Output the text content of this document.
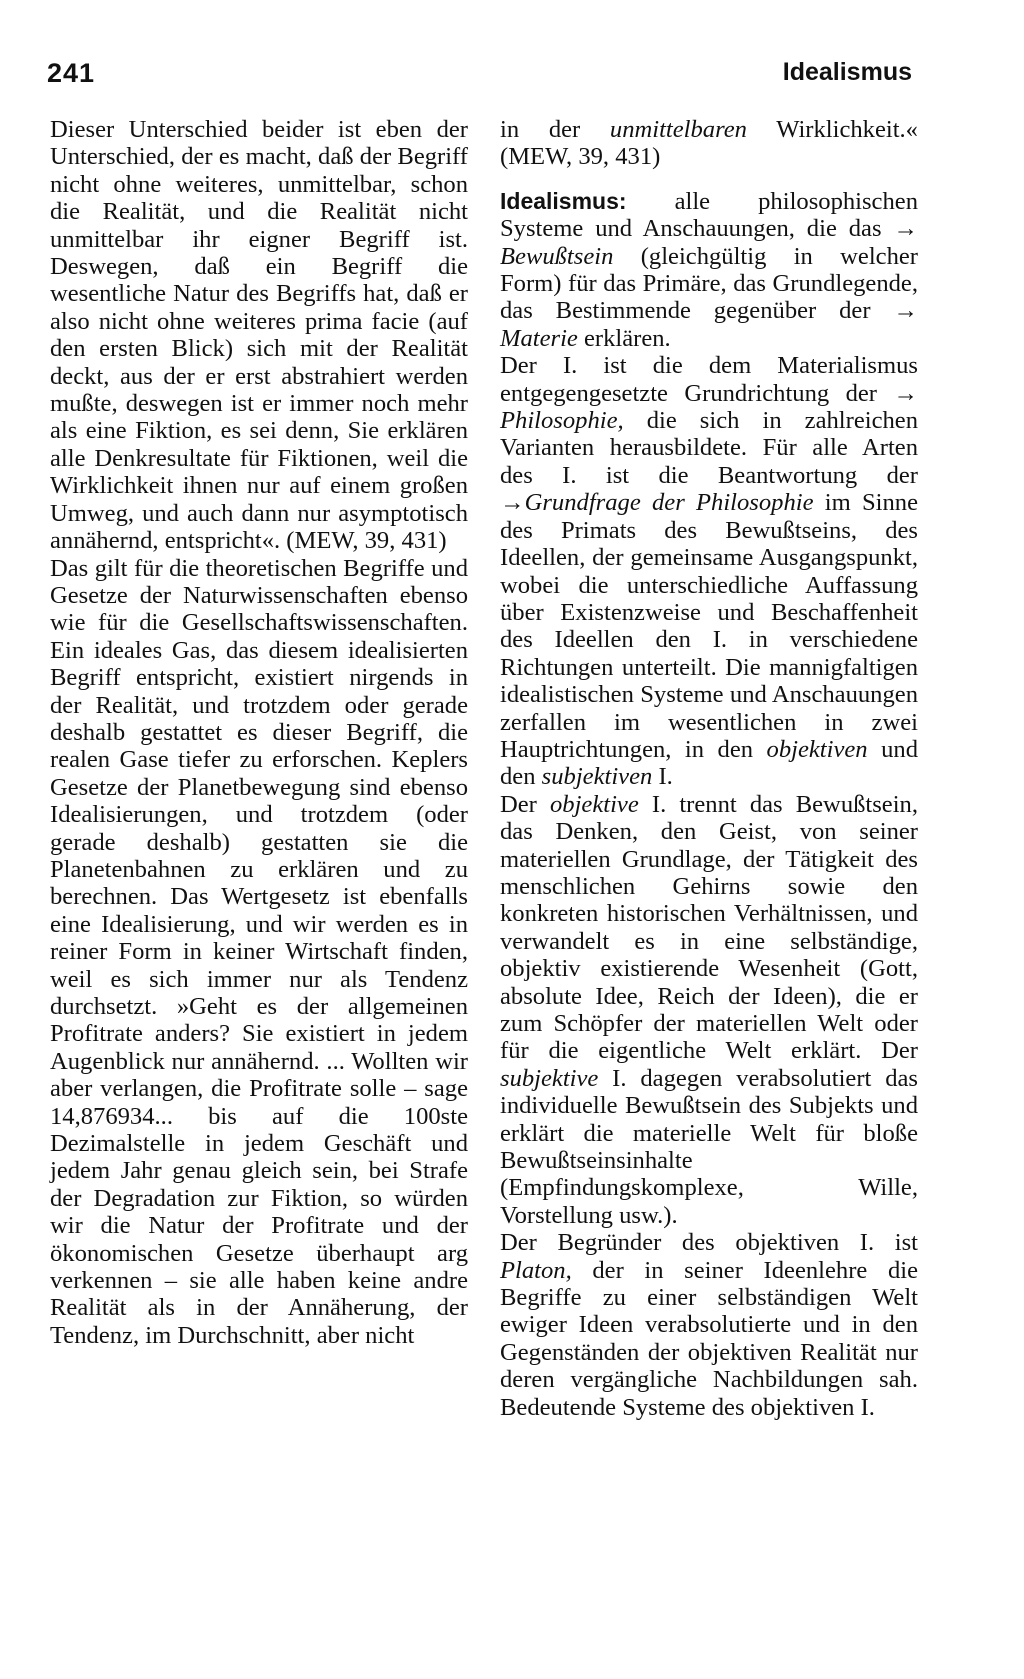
241	Idealismus

Dieser Unterschied beider ist eben der Unterschied, der es macht, daß der Begriff nicht ohne weiteres, unmittelbar, schon die Realität, und die Realität nicht unmittelbar ihr eigner Begriff ist. Deswegen, daß ein Begriff die wesentliche Natur des Begriffs hat, daß er also nicht ohne weiteres prima facie (auf den ersten Blick) sich mit der Realität deckt, aus der er erst abstrahiert werden mußte, deswegen ist er immer noch mehr als eine Fiktion, es sei denn, Sie erklären alle Denkresultate für Fiktionen, weil die Wirklichkeit ihnen nur auf einem großen Umweg, und auch dann nur asymptotisch annähernd, entspricht«. (MEW, 39, 431)

Das gilt für die theoretischen Begriffe und Gesetze der Naturwissenschaften ebenso wie für die Gesellschaftswissenschaften. Ein ideales Gas, das diesem idealisierten Begriff entspricht, existiert nirgends in der Realität, und trotzdem oder gerade deshalb gestattet es dieser Begriff, die realen Gase tiefer zu erforschen. Keplers Gesetze der Planetbewegung sind ebenso Idealisierungen, und trotzdem (oder gerade deshalb) gestatten sie die Planetenbahnen zu erklären und zu berechnen. Das Wertgesetz ist ebenfalls eine Idealisierung, und wir werden es in reiner Form in keiner Wirtschaft finden, weil es sich immer nur als Tendenz durchsetzt. »Geht es der allgemeinen Profitrate anders? Sie existiert in jedem Augenblick nur annähernd. ... Wollten wir aber verlangen, die Profitrate solle – sage 14,876934... bis auf die 100ste Dezimalstelle in jedem Geschäft und jedem Jahr genau gleich sein, bei Strafe der Degradation zur Fiktion, so würden wir die Natur der Profitrate und der ökonomischen Gesetze überhaupt arg verkennen – sie alle haben keine andre Realität als in der Annäherung, der Tendenz, im Durchschnitt, aber nicht

in der unmittelbaren Wirklichkeit.« (MEW, 39, 431)

Idealismus: alle philosophischen Systeme und Anschauungen, die das → Bewußtsein (gleichgültig in welcher Form) für das Primäre, das Grundlegende, das Bestimmende gegenüber der → Materie erklären.

Der I. ist die dem Materialismus entgegengesetzte Grundrichtung der → Philosophie, die sich in zahlreichen Varianten herausbildete. Für alle Arten des I. ist die Beantwortung der →Grundfrage der Philosophie im Sinne des Primats des Bewußtseins, des Ideellen, der gemeinsame Ausgangspunkt, wobei die unterschiedliche Auffassung über Existenzweise und Beschaffenheit des Ideellen den I. in verschiedene Richtungen unterteilt. Die mannigfaltigen idealistischen Systeme und Anschauungen zerfallen im wesentlichen in zwei Hauptrichtungen, in den objektiven und den subjektiven I.

Der objektive I. trennt das Bewußtsein, das Denken, den Geist, von seiner materiellen Grundlage, der Tätigkeit des menschlichen Gehirns sowie den konkreten historischen Verhältnissen, und verwandelt es in eine selbständige, objektiv existierende Wesenheit (Gott, absolute Idee, Reich der Ideen), die er zum Schöpfer der materiellen Welt oder für die eigentliche Welt erklärt. Der subjektive I. dagegen verabsolutiert das individuelle Bewußtsein des Subjekts und erklärt die materielle Welt für bloße Bewußtseinsinhalte (Empfindungskomplexe, Wille, Vorstellung usw.).

Der Begründer des objektiven I. ist Platon, der in seiner Ideenlehre die Begriffe zu einer selbständigen Welt ewiger Ideen verabsolutierte und in den Gegenständen der objektiven Realität nur deren vergängliche Nachbildungen sah. Bedeutende Systeme des objektiven I.
